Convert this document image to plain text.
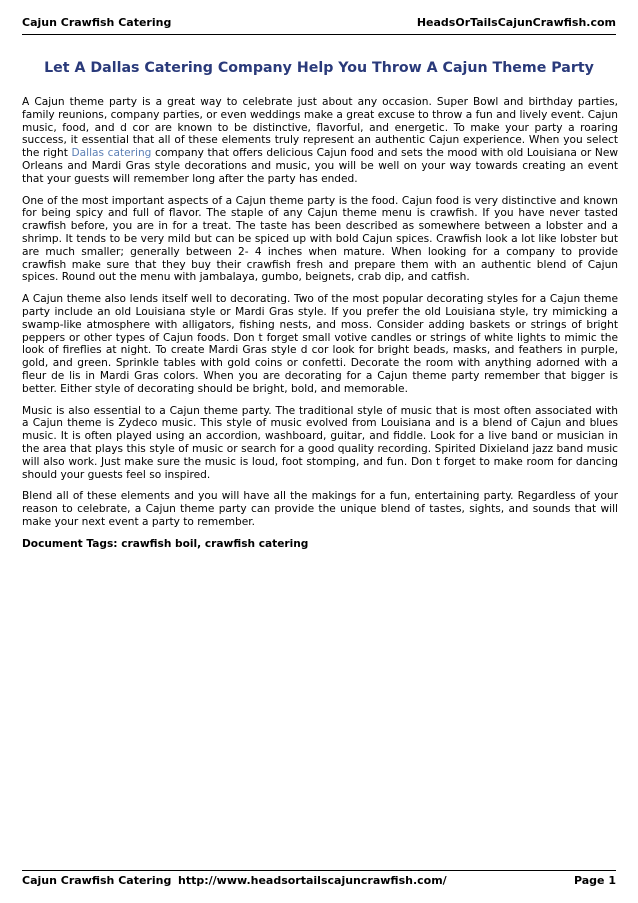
Cajun Crawfish Catering	HeadsOrTailsCajunCrawfish.com
Let A Dallas Catering Company Help You Throw A Cajun Theme Party

A Cajun theme party is a great way to celebrate just about any occasion. Super Bowl and birthday parties, family reunions, company parties, or even weddings make a great excuse to throw a fun and lively event. Cajun music, food, and d cor are known to be distinctive, flavorful, and energetic. To make your party a roaring success, it essential that all of these elements truly represent an authentic Cajun experience. When you select the right Dallas catering company that offers delicious Cajun food and sets the mood with old Louisiana or New Orleans and Mardi Gras style decorations and music, you will be well on your way towards creating an event that your guests will remember long after the party has ended.

One of the most important aspects of a Cajun theme party is the food. Cajun food is very distinctive and known for being spicy and full of flavor. The staple of any Cajun theme menu is crawfish. If you have never tasted crawfish before, you are in for a treat. The taste has been described as somewhere between a lobster and a shrimp. It tends to be very mild but can be spiced up with bold Cajun spices. Crawfish look a lot like lobster but are much smaller; generally between 2- 4 inches when mature. When looking for a company to provide crawfish make sure that they buy their crawfish fresh and prepare them with an authentic blend of Cajun spices. Round out the menu with jambalaya, gumbo, beignets, crab dip, and catfish.

A Cajun theme also lends itself well to decorating. Two of the most popular decorating styles for a Cajun theme party include an old Louisiana style or Mardi Gras style. If you prefer the old Louisiana style, try mimicking a swamp-like atmosphere with alligators, fishing nests, and moss. Consider adding baskets or strings of bright peppers or other types of Cajun foods. Don t forget small votive candles or strings of white lights to mimic the look of fireflies at night. To create Mardi Gras style d cor look for bright beads, masks, and feathers in purple, gold, and green. Sprinkle tables with gold coins or confetti. Decorate the room with anything adorned with a fleur de lis in Mardi Gras colors. When you are decorating for a Cajun theme party remember that bigger is better. Either style of decorating should be bright, bold, and memorable.

Music is also essential to a Cajun theme party. The traditional style of music that is most often associated with a Cajun theme is Zydeco music. This style of music evolved from Louisiana and is a blend of Cajun and blues music. It is often played using an accordion, washboard, guitar, and fiddle. Look for a live band or musician in the area that plays this style of music or search for a good quality recording. Spirited Dixieland jazz band music will also work. Just make sure the music is loud, foot stomping, and fun. Don t forget to make room for dancing should your guests feel so inspired.

Blend all of these elements and you will have all the makings for a fun, entertaining party. Regardless of your reason to celebrate, a Cajun theme party can provide the unique blend of tastes, sights, and sounds that will make your next event a party to remember.

Document Tags: crawfish boil, crawfish catering
Cajun Crawfish Catering http://www.headsortailscajuncrawfish.com/	Page 1
